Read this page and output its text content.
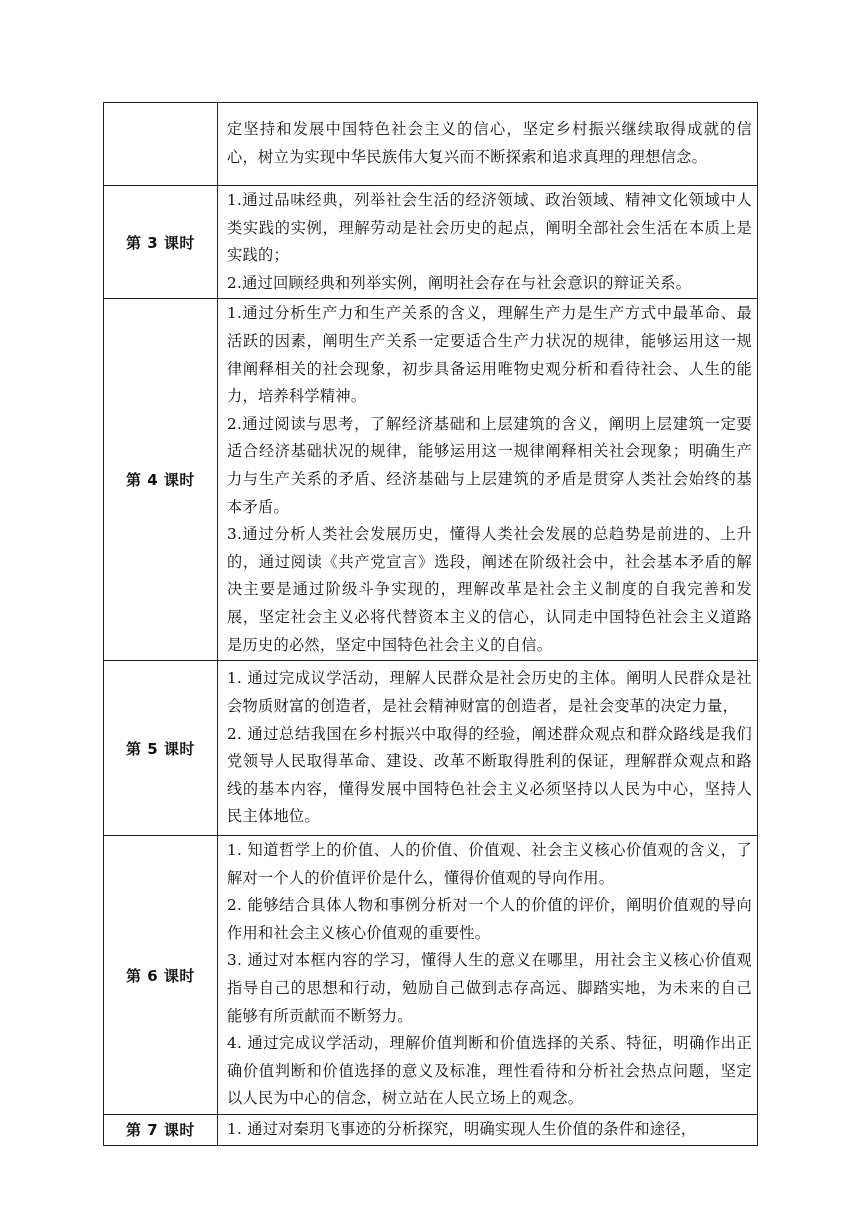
	定坚持和发展中国特色社会主义的信心，坚定乡村振兴继续取得成就的信心，树立为实现中华民族伟大复兴而不断探索和追求真理的理想信念。

第 3 课时	1.通过品味经典，列举社会生活的经济领域、政治领域、精神文化领域中人类实践的实例，理解劳动是社会历史的起点，阐明全部社会生活在本质上是实践的；

2.通过回顾经典和列举实例，阐明社会存在与社会意识的辩证关系。

第 4 课时	1.通过分析生产力和生产关系的含义，理解生产力是生产方式中最革命、最活跃的因素，阐明生产关系一定要适合生产力状况的规律，能够运用这一规律阐释相关的社会现象，初步具备运用唯物史观分析和看待社会、人生的能力，培养科学精神。

2.通过阅读与思考，了解经济基础和上层建筑的含义，阐明上层建筑一定要适合经济基础状况的规律，能够运用这一规律阐释相关社会现象；明确生产力与生产关系的矛盾、经济基础与上层建筑的矛盾是贯穿人类社会始终的基本矛盾。

3.通过分析人类社会发展历史，懂得人类社会发展的总趋势是前进的、上升的，通过阅读《共产党宣言》选段，阐述在阶级社会中，社会基本矛盾的解决主要是通过阶级斗争实现的，理解改革是社会主义制度的自我完善和发展，坚定社会主义必将代替资本主义的信心，认同走中国特色社会主义道路是历史的必然，坚定中国特色社会主义的自信。

第 5 课时	1. 通过完成议学活动，理解人民群众是社会历史的主体。阐明人民群众是社会物质财富的创造者，是社会精神财富的创造者，是社会变革的决定力量，

2. 通过总结我国在乡村振兴中取得的经验，阐述群众观点和群众路线是我们党领导人民取得革命、建设、改革不断取得胜利的保证，理解群众观点和路线的基本内容，懂得发展中国特色社会主义必须坚持以人民为中心，坚持人民主体地位。

第 6 课时	1. 知道哲学上的价值、人的价值、价值观、社会主义核心价值观的含义，了解对一个人的价值评价是什么，懂得价值观的导向作用。

2. 能够结合具体人物和事例分析对一个人的价值的评价，阐明价值观的导向作用和社会主义核心价值观的重要性。

3. 通过对本框内容的学习，懂得人生的意义在哪里，用社会主义核心价值观指导自己的思想和行动，勉励自己做到志存高远、脚踏实地，为未来的自己能够有所贡献而不断努力。

4. 通过完成议学活动，理解价值判断和价值选择的关系、特征，明确作出正确价值判断和价值选择的意义及标准，理性看待和分析社会热点问题，坚定以人民为中心的信念，树立站在人民立场上的观念。

第 7 课时	1. 通过对秦玥飞事迹的分析探究，明确实现人生价值的条件和途径，
